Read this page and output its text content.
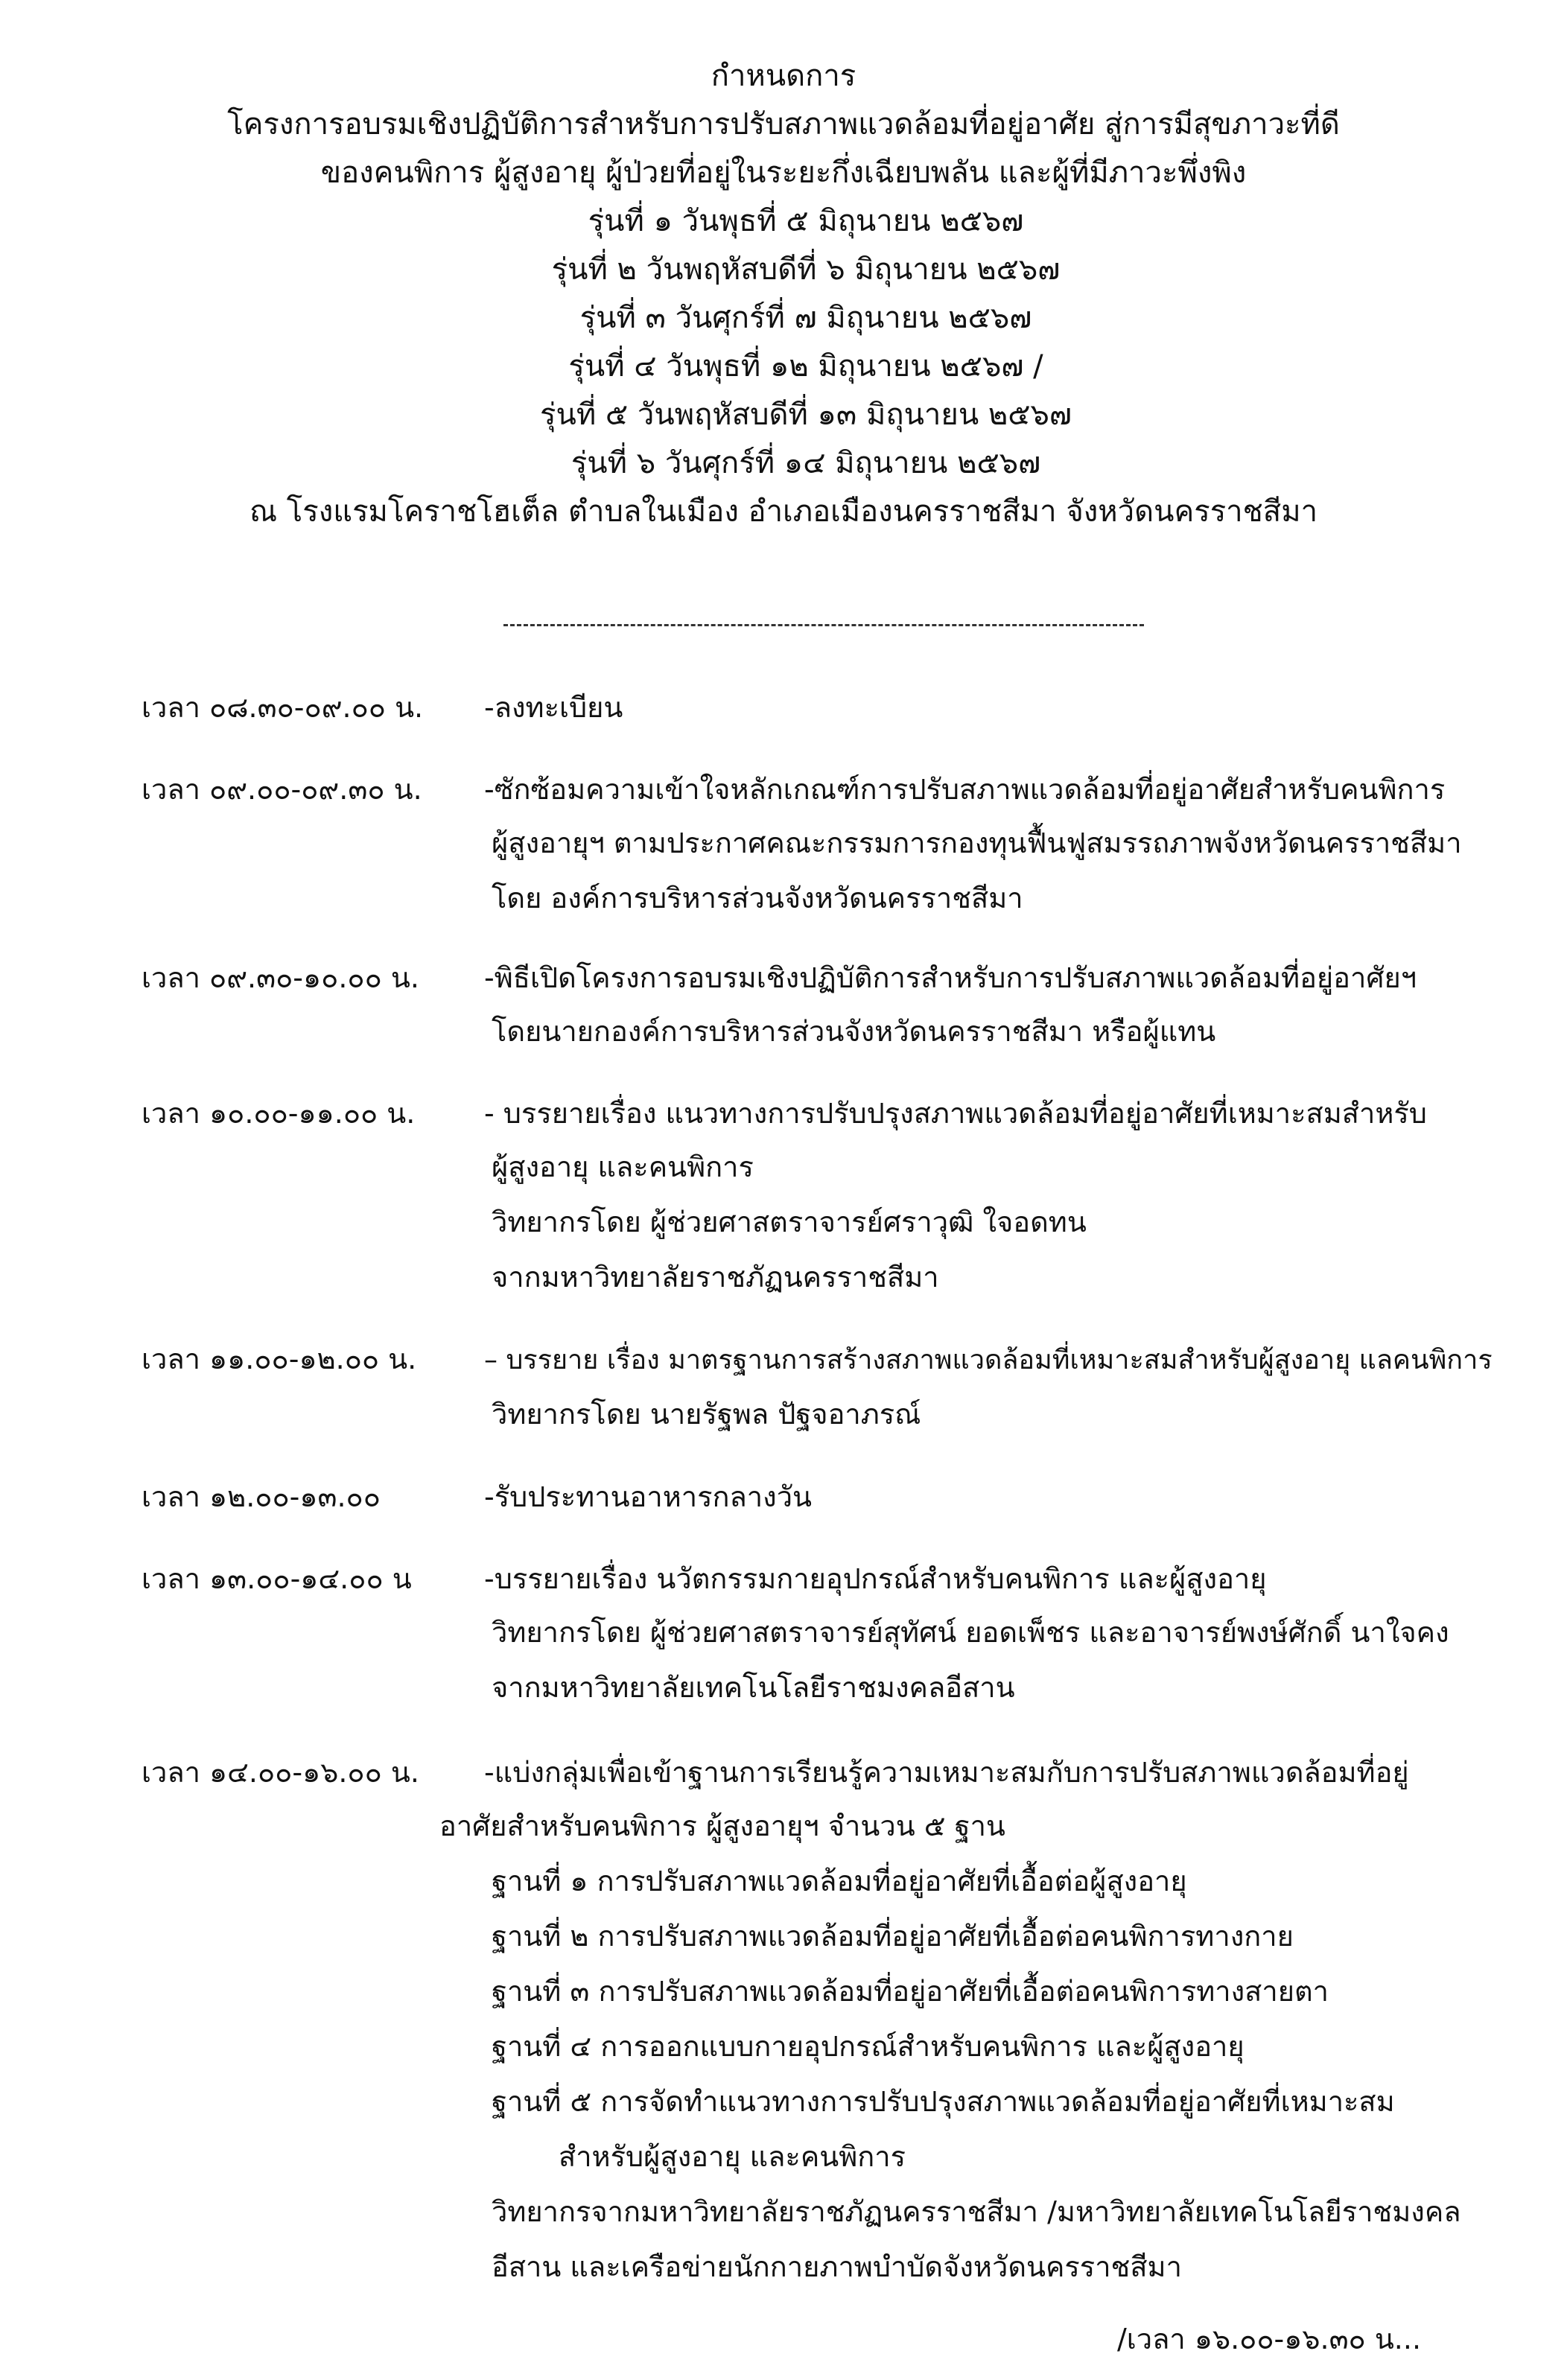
กำหนดการ
โครงการอบรมเชิงปฏิบัติการสำหรับการปรับสภาพแวดล้อมที่อยู่อาศัย สู่การมีสุขภาวะที่ดี
ของคนพิการ ผู้สูงอายุ ผู้ป่วยที่อยู่ในระยะกึ่งเฉียบพลัน และผู้ที่มีภาวะพึ่งพิง
รุ่นที่ ๑ วันพุธที่ ๕ มิถุนายน ๒๕๖๗
รุ่นที่ ๒ วันพฤหัสบดีที่ ๖ มิถุนายน ๒๕๖๗
รุ่นที่ ๓ วันศุกร์ที่ ๗ มิถุนายน ๒๕๖๗
รุ่นที่ ๔ วันพุธที่ ๑๒ มิถุนายน ๒๕๖๗ /
รุ่นที่ ๕ วันพฤหัสบดีที่ ๑๓ มิถุนายน ๒๕๖๗
รุ่นที่ ๖ วันศุกร์ที่ ๑๔ มิถุนายน ๒๕๖๗
ณ โรงแรมโคราชโฮเต็ล ตำบลในเมือง อำเภอเมืองนครราชสีมา จังหวัดนครราชสีมา
เวลา ๐๘.๓๐-๐๙.๐๐ น.	-ลงทะเบียน
เวลา ๐๙.๐๐-๐๙.๓๐ น.	-ซักซ้อมความเข้าใจหลักเกณฑ์การปรับสภาพแวดล้อมที่อยู่อาศัยสำหรับคนพิการ
ผู้สูงอายุฯ ตามประกาศคณะกรรมการกองทุนฟื้นฟูสมรรถภาพจังหวัดนครราชสีมา
โดย องค์การบริหารส่วนจังหวัดนครราชสีมา
เวลา ๐๙.๓๐-๑๐.๐๐ น.	-พิธีเปิดโครงการอบรมเชิงปฏิบัติการสำหรับการปรับสภาพแวดล้อมที่อยู่อาศัยฯ
โดยนายกองค์การบริหารส่วนจังหวัดนครราชสีมา หรือผู้แทน
เวลา ๑๐.๐๐-๑๑.๐๐ น.	- บรรยายเรื่อง แนวทางการปรับปรุงสภาพแวดล้อมที่อยู่อาศัยที่เหมาะสมสำหรับ
ผู้สูงอายุ และคนพิการ
วิทยากรโดย ผู้ช่วยศาสตราจารย์ศราวุฒิ ใจอดทน
จากมหาวิทยาลัยราชภัฏนครราชสีมา
เวลา ๑๑.๐๐-๑๒.๐๐ น.	– บรรยาย เรื่อง มาตรฐานการสร้างสภาพแวดล้อมที่เหมาะสมสำหรับผู้สูงอายุ แลคนพิการ
วิทยากรโดย นายรัฐพล ปัฐจอาภรณ์
เวลา ๑๒.๐๐-๑๓.๐๐	-รับประทานอาหารกลางวัน
เวลา ๑๓.๐๐-๑๔.๐๐ น	-บรรยายเรื่อง นวัตกรรมกายอุปกรณ์สำหรับคนพิการ และผู้สูงอายุ
วิทยากรโดย ผู้ช่วยศาสตราจารย์สุทัศน์ ยอดเพ็ชร และอาจารย์พงษ์ศักดิ์ นาใจคง
จากมหาวิทยาลัยเทคโนโลยีราชมงคลอีสาน
เวลา ๑๔.๐๐-๑๖.๐๐ น.	-แบ่งกลุ่มเพื่อเข้าฐานการเรียนรู้ความเหมาะสมกับการปรับสภาพแวดล้อมที่อยู่
อาศัยสำหรับคนพิการ ผู้สูงอายุฯ จำนวน ๕ ฐาน
ฐานที่ ๑ การปรับสภาพแวดล้อมที่อยู่อาศัยที่เอื้อต่อผู้สูงอายุ
ฐานที่ ๒ การปรับสภาพแวดล้อมที่อยู่อาศัยที่เอื้อต่อคนพิการทางกาย
ฐานที่ ๓ การปรับสภาพแวดล้อมที่อยู่อาศัยที่เอื้อต่อคนพิการทางสายตา
ฐานที่ ๔ การออกแบบกายอุปกรณ์สำหรับคนพิการ และผู้สูงอายุ
ฐานที่ ๕ การจัดทำแนวทางการปรับปรุงสภาพแวดล้อมที่อยู่อาศัยที่เหมาะสม
สำหรับผู้สูงอายุ และคนพิการ
วิทยากรจากมหาวิทยาลัยราชภัฏนครราชสีมา /มหาวิทยาลัยเทคโนโลยีราชมงคล
อีสาน และเครือข่ายนักกายภาพบำบัดจังหวัดนครราชสีมา
/เวลา ๑๖.๐๐-๑๖.๓๐ น...
